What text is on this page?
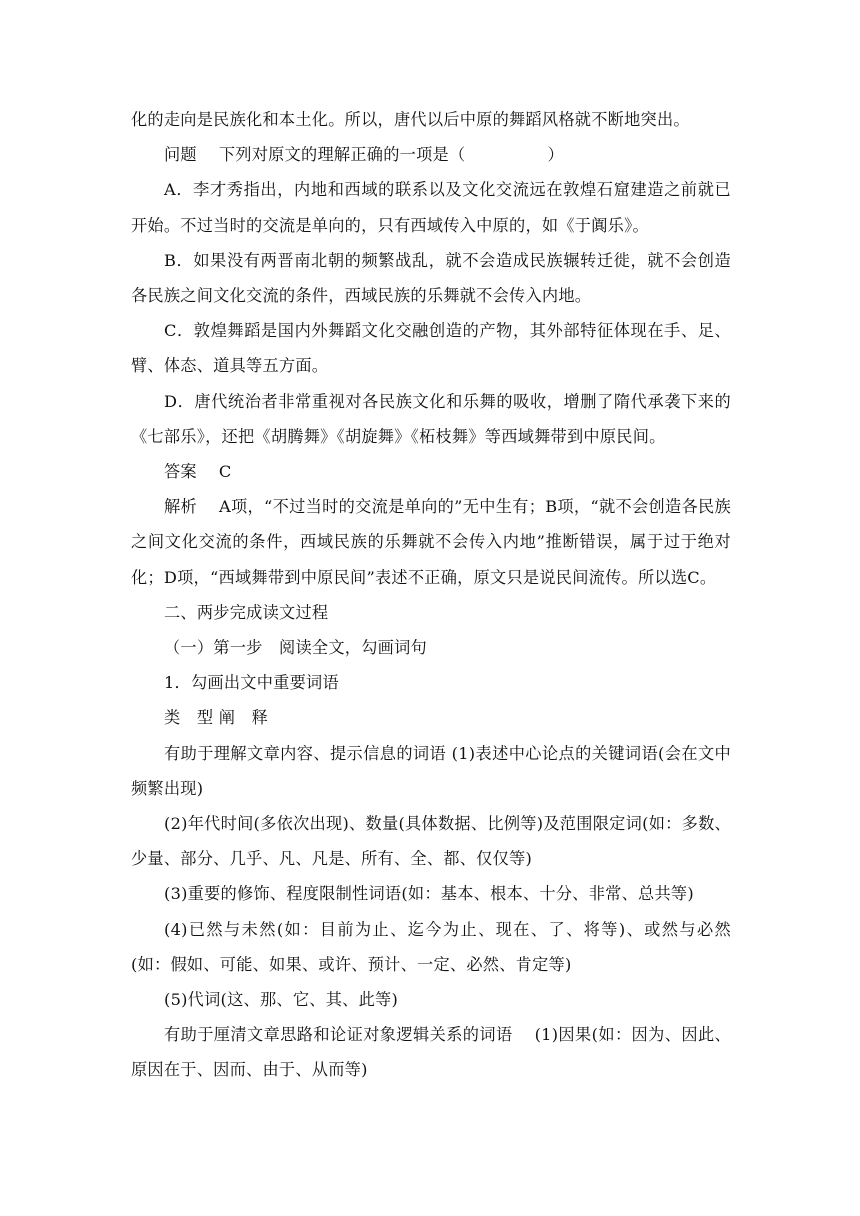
化的走向是民族化和本土化。所以，唐代以后中原的舞蹈风格就不断地突出。

问题 下列对原文的理解正确的一项是（	）

A．李才秀指出，内地和西域的联系以及文化交流远在敦煌石窟建造之前就已开始。不过当时的交流是单向的，只有西域传入中原的，如《于阗乐》。

B．如果没有两晋南北朝的频繁战乱，就不会造成民族辗转迁徙，就不会创造各民族之间文化交流的条件，西域民族的乐舞就不会传入内地。

C．敦煌舞蹈是国内外舞蹈文化交融创造的产物，其外部特征体现在手、足、臂、体态、道具等五方面。

D．唐代统治者非常重视对各民族文化和乐舞的吸收，增删了隋代承袭下来的《七部乐》，还把《胡腾舞》《胡旋舞》《柘枝舞》等西域舞带到中原民间。

答案 C

解析 A项，“不过当时的交流是单向的”无中生有；B项，“就不会创造各民族之间文化交流的条件，西域民族的乐舞就不会传入内地”推断错误，属于过于绝对化；D项，“西域舞带到中原民间”表述不正确，原文只是说民间流传。所以选C。

二、两步完成读文过程

（一）第一步　阅读全文，勾画词句

1．勾画出文中重要词语

类　型 阐　释

有助于理解文章内容、提示信息的词语 (1)表述中心论点的关键词语(会在文中频繁出现)

(2)年代时间(多依次出现)、数量(具体数据、比例等)及范围限定词(如：多数、少量、部分、几乎、凡、凡是、所有、全、都、仅仅等)

(3)重要的修饰、程度限制性词语(如：基本、根本、十分、非常、总共等)

(4)已然与未然(如：目前为止、迄今为止、现在、了、将等)、或然与必然(如：假如、可能、如果、或许、预计、一定、必然、肯定等)

(5)代词(这、那、它、其、此等)

有助于厘清文章思路和论证对象逻辑关系的词语 (1)因果(如：因为、因此、原因在于、因而、由于、从而等)
